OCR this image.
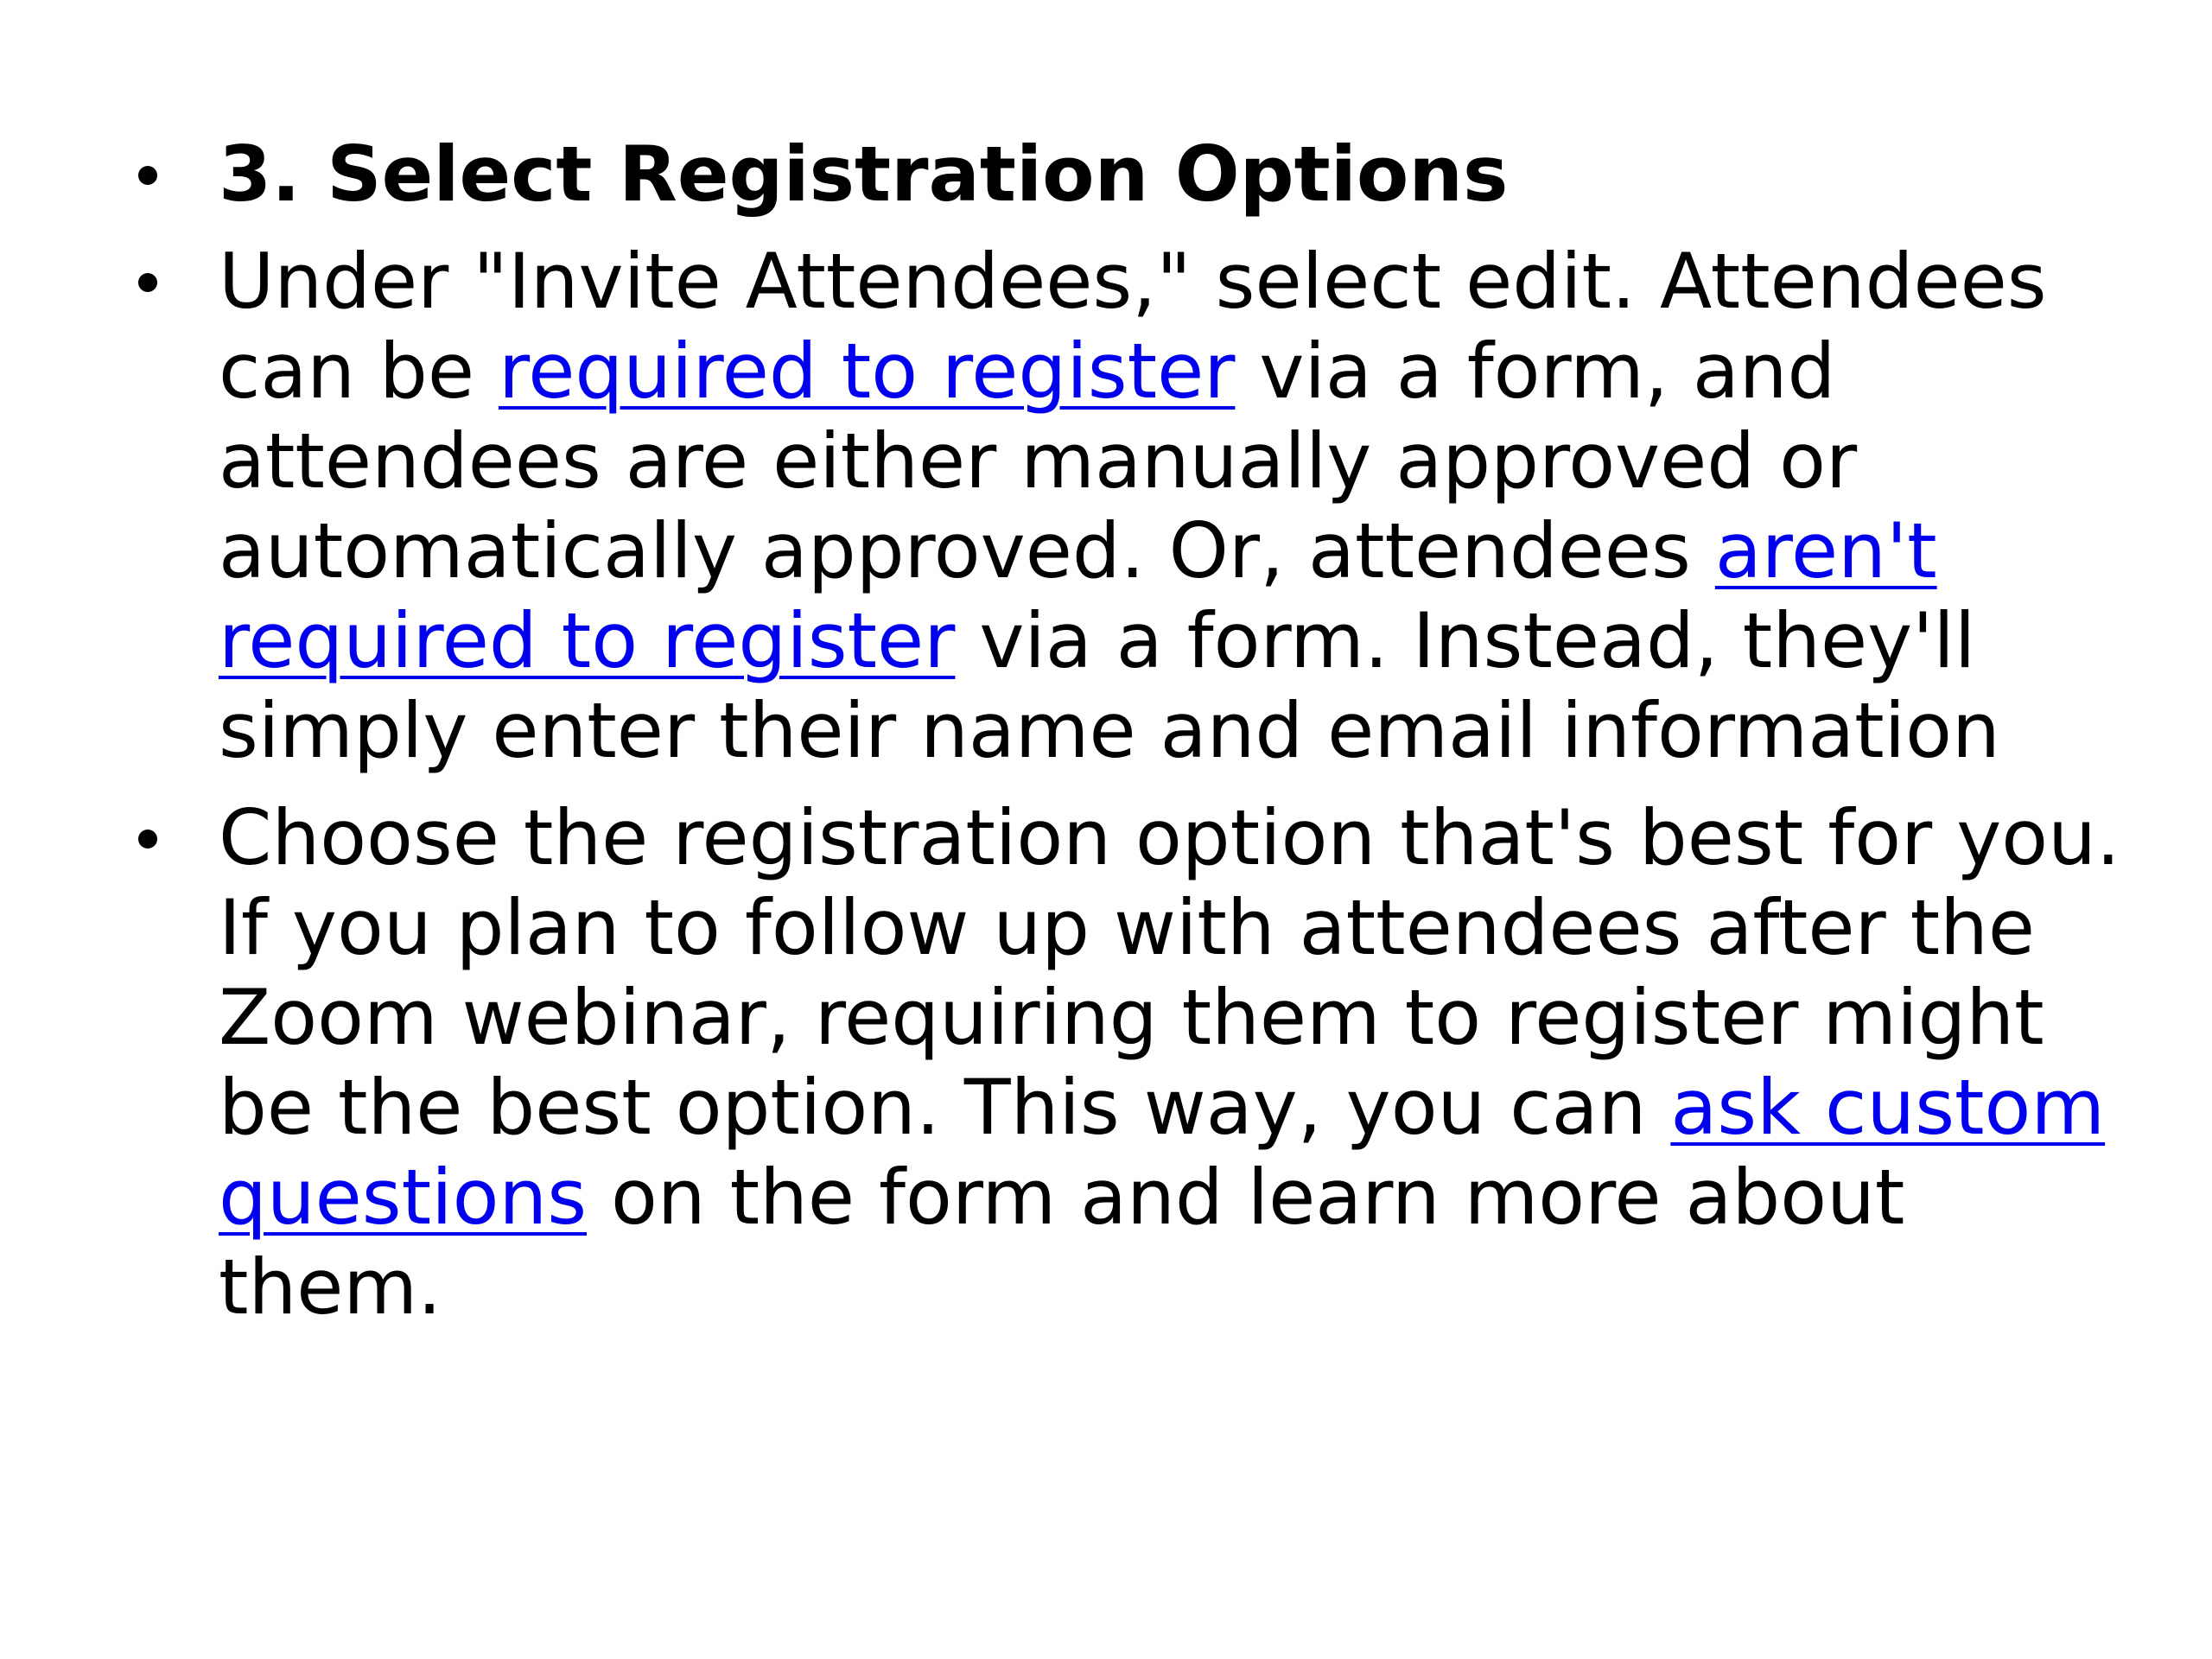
3. Select Registration Options
Under "Invite Attendees," select edit. Attendees can be required to register via a form, and attendees are either manually approved or automatically approved. Or, attendees aren't required to register via a form. Instead, they'll simply enter their name and email information
Choose the registration option that's best for you. If you plan to follow up with attendees after the Zoom webinar, requiring them to register might be the best option. This way, you can ask custom questions on the form and learn more about them.
